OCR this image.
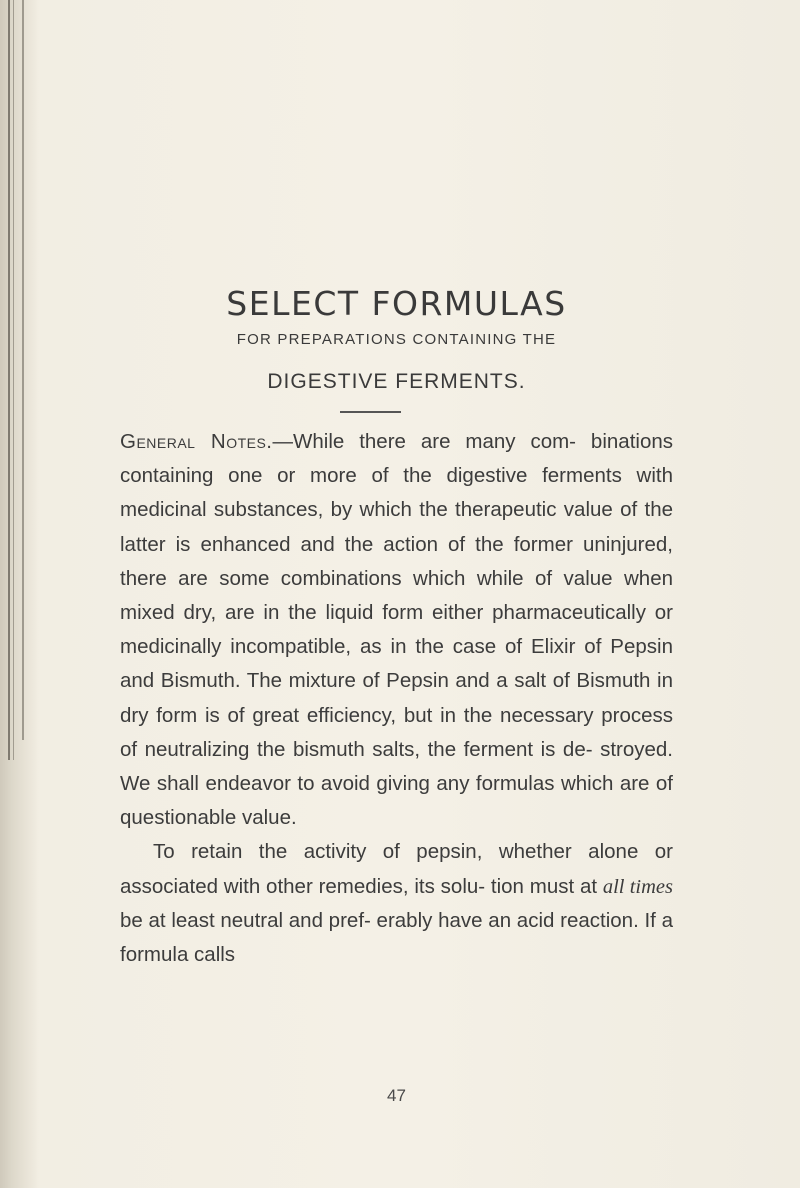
SELECT FORMULAS
FOR PREPARATIONS CONTAINING THE
DIGESTIVE FERMENTS.

General Notes.—While there are many com- binations containing one or more of the digestive ferments with medicinal substances, by which the therapeutic value of the latter is enhanced and the action of the former uninjured, there are some combinations which while of value when mixed dry, are in the liquid form either pharmaceutically or medicinally incompatible, as in the case of Elixir of Pepsin and Bismuth. The mixture of Pepsin and a salt of Bismuth in dry form is of great efficiency, but in the necessary process of neutralizing the bismuth salts, the ferment is de- stroyed. We shall endeavor to avoid giving any formulas which are of questionable value.

To retain the activity of pepsin, whether alone or associated with other remedies, its solu- tion must at all times be at least neutral and pref- erably have an acid reaction. If a formula calls

47
